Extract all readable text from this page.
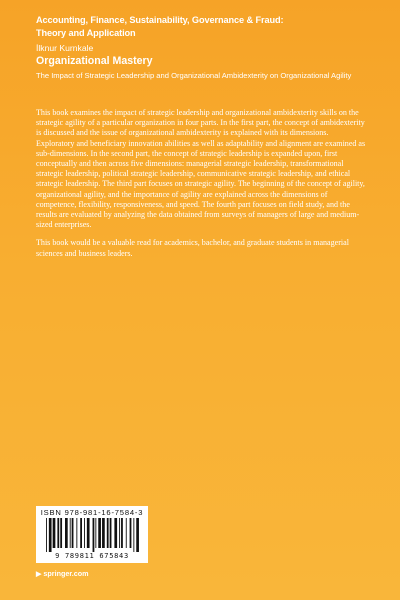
Accounting, Finance, Sustainability, Governance & Fraud:
Theory and Application
İlknur Kurnkale
Organizational Mastery
The Impact of Strategic Leadership and Organizational Ambidexterity on Organizational Agility

This book examines the impact of strategic leadership and organizational ambidexterity skills on the strategic agility of a particular organization in four parts. In the first part, the concept of ambidexterity is discussed and the issue of organizational ambidexterity is explained with its dimensions. Exploratory and beneficiary innovation abilities as well as adaptability and alignment are examined as sub-dimensions. In the second part, the concept of strategic leadership is expanded upon, first conceptually and then across five dimensions: managerial strategic leadership, transformational strategic leadership, political strategic leadership, communicative strategic leadership, and ethical strategic leadership. The third part focuses on strategic agility. The beginning of the concept of agility, organizational agility, and the importance of agility are explained across the dimensions of competence, flexibility, responsiveness, and speed. The fourth part focuses on field study, and the results are evaluated by analyzing the data obtained from surveys of managers of large and medium-sized enterprises.

This book would be a valuable read for academics, bachelor, and graduate students in managerial sciences and business leaders.

ISBN 978-981-16-7584-3
9 789811 675843
▶ springer.com
